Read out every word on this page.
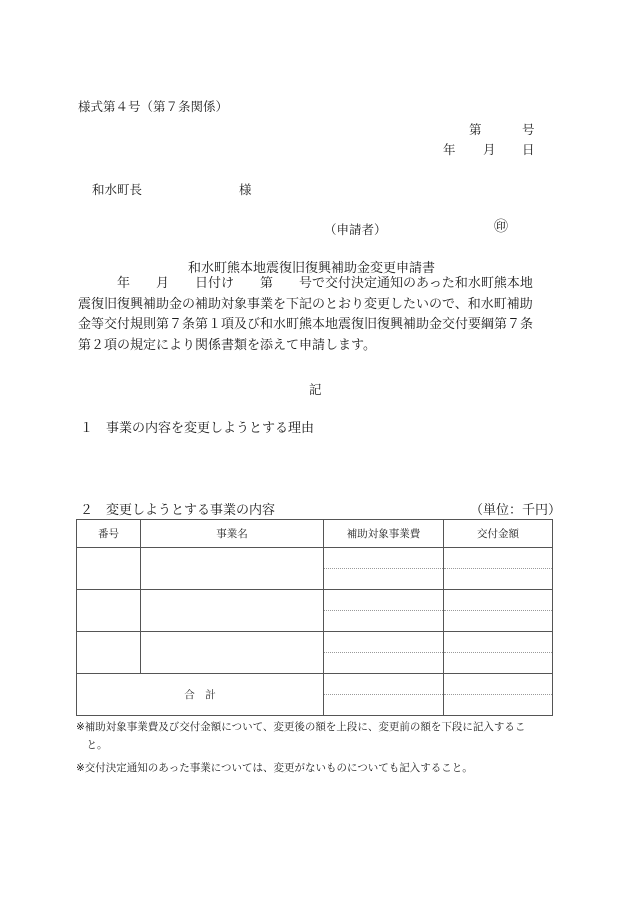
様式第４号（第７条関係）
第	号
年 月 日
和水町長	様
（申請者）	㊞
和水町熊本地震復旧復興補助金変更申請書

　　　年　　月　　日付け　　第　　号で交付決定通知のあった和水町熊本地

震復旧復興補助金の補助対象事業を下記のとおり変更したいので、和水町補助

金等交付規則第７条第１項及び和水町熊本地震復旧復興補助金交付要綱第７条

第２項の規定により関係書類を添えて申請します。

記
１　事業の内容を変更しようとする理由
２　変更しようとする事業の内容	（単位：千円）
番号	事業名	補助対象事業費	交付金額

合　計			

※補助対象事業費及び交付金額について、変更後の額を上段に、変更前の額を下段に記入するこ
　と。
※交付決定通知のあった事業については、変更がないものについても記入すること。
